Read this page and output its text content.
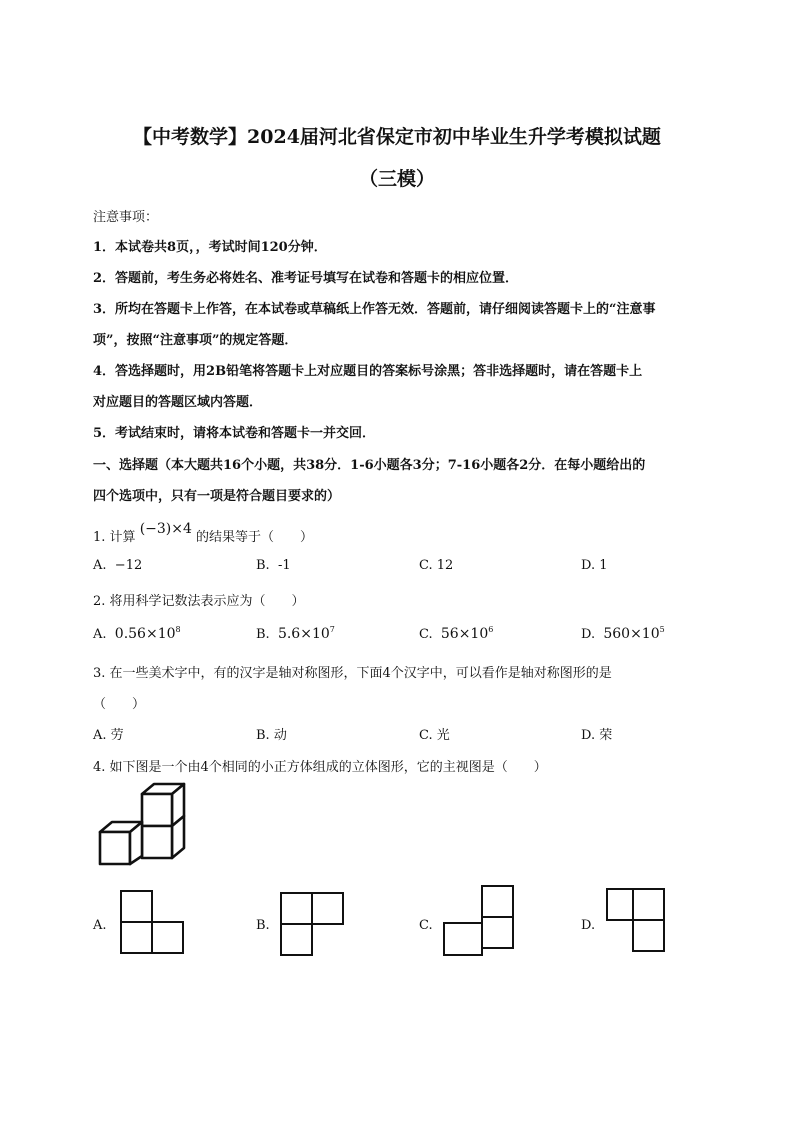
【中考数学】2024届河北省保定市初中毕业生升学考模拟试题
（三模）
注意事项：
1．本试卷共8页，，考试时间120分钟．
2．答题前，考生务必将姓名、准考证号填写在试卷和答题卡的相应位置．
3．所均在答题卡上作答，在本试卷或草稿纸上作答无效．答题前，请仔细阅读答题卡上的“注意事
项”，按照“注意事项”的规定答题．
4．答选择题时，用2B铅笔将答题卡上对应题目的答案标号涂黑；答非选择题时，请在答题卡上
对应题目的答题区域内答题．
5．考试结束时，请将本试卷和答题卡一并交回．
一、选择题（本大题共16个小题，共38分．1-6小题各3分；7-16小题各2分．在每小题给出的
四个选项中，只有一项是符合题目要求的）
1. 计算 (−3)×4 的结果等于（　　）
A. −12	B. -1	C. 12	D. 1
2. 将用科学记数法表示应为（　　）
A. $0.56\times 10^8$	B. $5.6\times 10^7$	C. $56\times 10^6$	D. $560\times 10^5$
3. 在一些美术字中，有的汉字是轴对称图形，下面4个汉字中，可以看作是轴对称图形的是
（　　）
A. 劳	B. 动	C. 光	D. 荣
4. 如下图是一个由4个相同的小正方体组成的立体图形，它的主视图是（　　）
A.	B.	C.	D.
